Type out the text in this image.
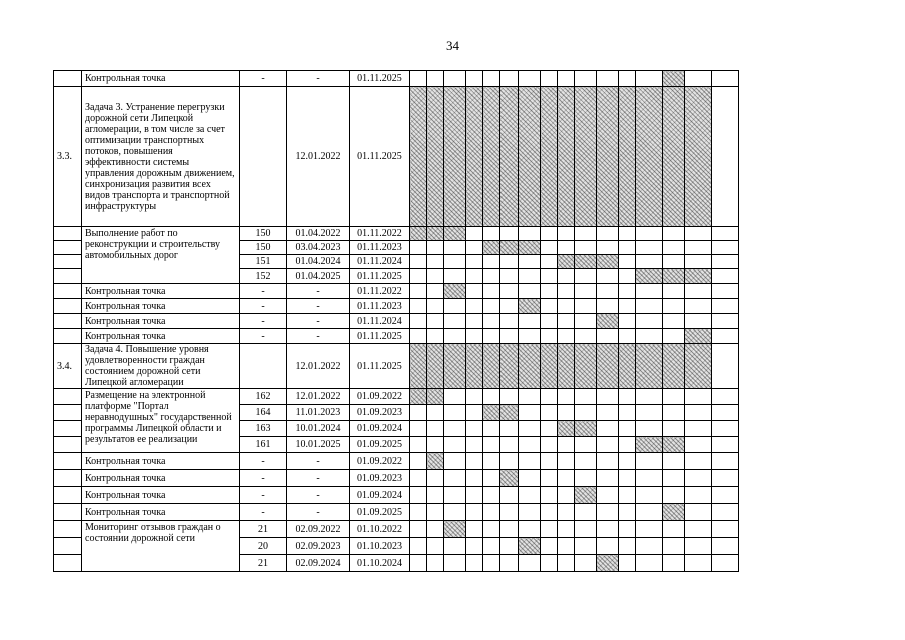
34
	Контрольная точка	-	-	01.11.2025																
3.3.	Задача 3. Устранение перегрузки дорожной сети Липецкой агломерации, в том числе за счет оптимизации транспортных потоков, повышения эффективности системы управления дорожным движением, синхронизация развития всех видов транспорта и транспортной инфраструктуры		12.01.2022	01.11.2025																
	Выполнение работ по реконструкции и строительству автомобильных дорог	150	01.04.2022	01.11.2022																
		150	03.04.2023	01.11.2023																
		151	01.04.2024	01.11.2024																
		152	01.04.2025	01.11.2025																
	Контрольная точка	-	-	01.11.2022																
	Контрольная точка	-	-	01.11.2023																
	Контрольная точка	-	-	01.11.2024																
	Контрольная точка	-	-	01.11.2025																
3.4.	Задача 4. Повышение уровня удовлетворенности граждан состоянием дорожной сети Липецкой агломерации		12.01.2022	01.11.2025																
	Размещение на электронной платформе "Портал неравнодушных" государственной программы Липецкой области и результатов ее реализации	162	12.01.2022	01.09.2022																
		164	11.01.2023	01.09.2023																
		163	10.01.2024	01.09.2024																
		161	10.01.2025	01.09.2025																
	Контрольная точка	-	-	01.09.2022																
	Контрольная точка	-	-	01.09.2023																
	Контрольная точка	-	-	01.09.2024																
	Контрольная точка	-	-	01.09.2025																
	Мониторинг отзывов граждан о состоянии дорожной сети	21	02.09.2022	01.10.2022																
		20	02.09.2023	01.10.2023																
		21	02.09.2024	01.10.2024																
